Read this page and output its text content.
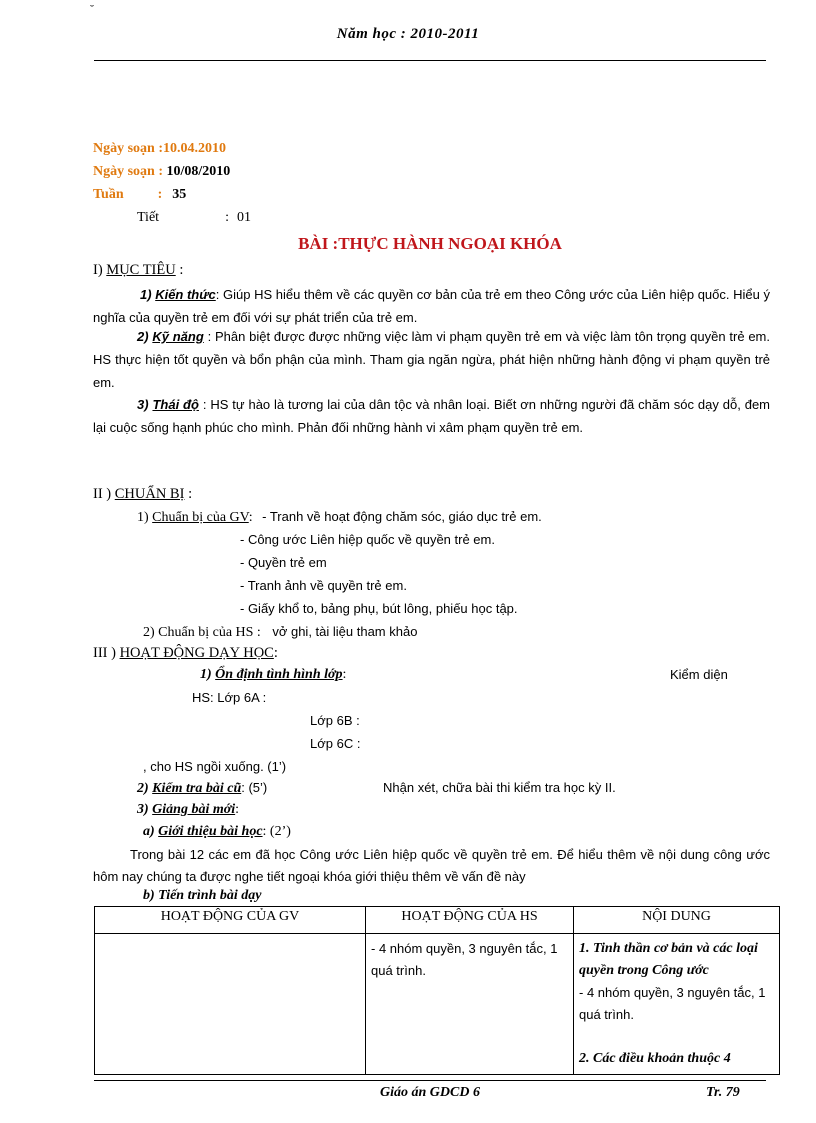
˘
Năm học : 2010-2011
Ngày soạn :10.04.2010
Ngày soạn : 10/08/2010
Tuần : 35
Tiết	: 01
BÀI :THỰC HÀNH NGOẠI KHÓA
I) MỤC TIÊU :
1) Kiến thức: Giúp HS hiểu thêm về các quyền cơ bản của trẻ em theo Công ước của Liên hiệp quốc. Hiểu ý nghĩa của quyền trẻ em đối với sự phát triển của trẻ em.
2) Kỹ năng : Phân biệt được được những việc làm vi phạm quyền trẻ em và việc làm tôn trọng quyền trẻ em. HS thực hiện tốt quyền và bổn phận của mình. Tham gia ngăn ngừa, phát hiện những hành động vi phạm quyền trẻ em.
3) Thái độ : HS tự hào là tương lai của dân tộc và nhân loại. Biết ơn những người đã chăm sóc dạy dỗ, đem lại cuộc sống hạnh phúc cho mình. Phản đối những hành vi xâm phạm quyền trẻ em.
II ) CHUẨN BỊ :
1) Chuẩn bị của GV: - Tranh về hoạt động chăm sóc, giáo dục trẻ em.
- Công ước Liên hiệp quốc về quyền trẻ em.
- Quyền trẻ em
- Tranh ảnh về quyền trẻ em.
- Giấy khổ to, bảng phụ, bút lông, phiếu học tập.
2) Chuẩn bị của HS : vở ghi, tài liệu tham khảo
III ) HOẠT ĐỘNG DẠY HỌC:
1) Ổn định tình hình lớp:	Kiểm diện
HS: Lớp 6A :
Lớp 6B :
Lớp 6C :
, cho HS ngồi xuống. (1’)
2) Kiểm tra bài cũ: (5’)	Nhận xét, chữa bài thi kiểm tra học kỳ II.
3) Giảng bài mới:
a) Giới thiệu bài học: (2’)
Trong bài 12 các em đã học Công ước Liên hiệp quốc về quyền trẻ em. Để hiểu thêm về nội dung công ước hôm nay chúng ta được nghe tiết ngoại khóa giới thiệu thêm về vấn đề này
b) Tiến trình bài dạy
HOẠT ĐỘNG CỦA GV	HOẠT ĐỘNG CỦA HS	NỘI DUNG
	- 4 nhóm quyền, 3 nguyên tắc, 1 quá trình.	1. Tinh thần cơ bản và các loại quyền trong Công ước
- 4 nhóm quyền, 3 nguyên tắc, 1 quá trình.
2. Các điều khoản thuộc 4
Giáo án GDCD 6	Tr. 79
